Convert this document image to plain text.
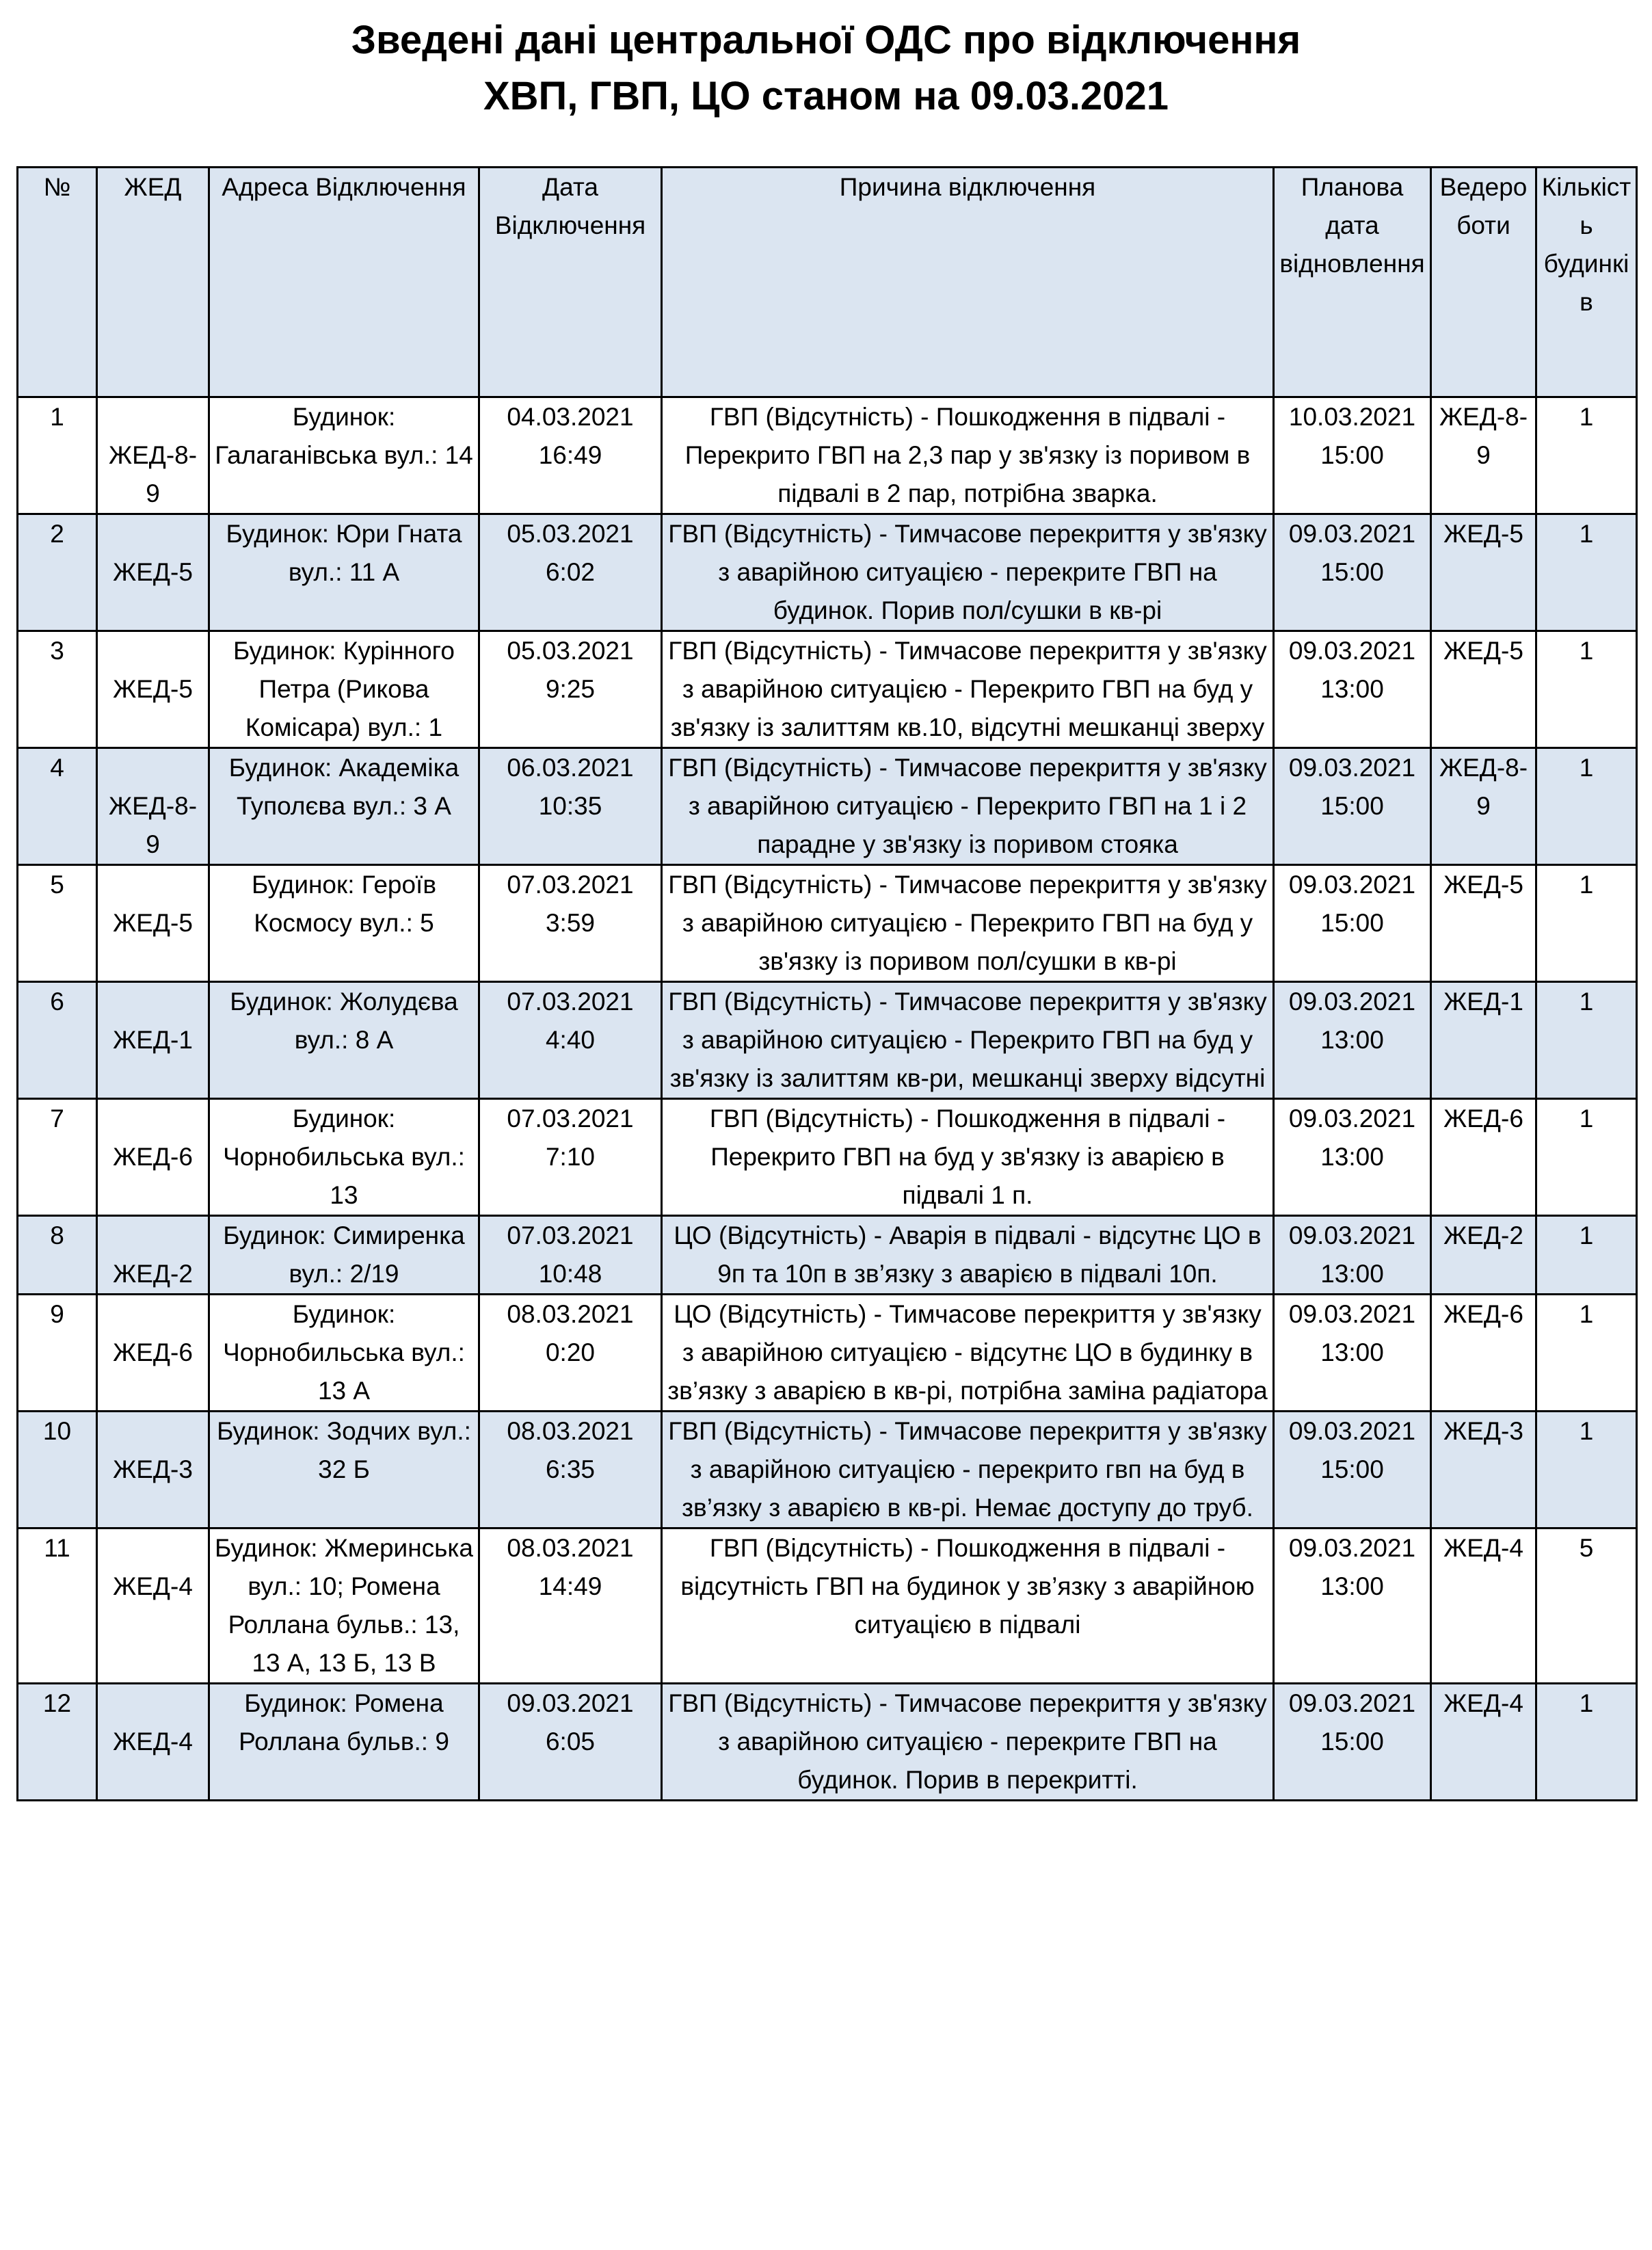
Зведені дані центральної ОДС про відключення
ХВП, ГВП, ЦО станом на 09.03.2021
№	ЖЕД	Адреса Відключення	Дата Відключення	Причина відключення	Планова дата відновлення	Ведероботи	Кількість будинків
1	ЖЕД-8-9	Будинок: Галаганівська вул.: 14	04.03.2021 16:49	ГВП (Відсутність) - Пошкодження в підвалі - Перекрито ГВП на 2,3 пар у зв'язку із поривом в підвалі в 2 пар, потрібна зварка.	10.03.2021 15:00	ЖЕД-8-9	1
2	ЖЕД-5	Будинок: Юри Гната вул.: 11 А	05.03.2021 6:02	ГВП (Відсутність) - Тимчасове перекриття у зв'язку з аварійною ситуацією - перекрите ГВП на будинок. Порив пол/сушки в кв-рі	09.03.2021 15:00	ЖЕД-5	1
3	ЖЕД-5	Будинок: Курінного Петра (Рикова Комісара) вул.: 1	05.03.2021 9:25	ГВП (Відсутність) - Тимчасове перекриття у зв'язку з аварійною ситуацією - Перекрито ГВП на буд у зв'язку із залиттям кв.10, відсутні мешканці зверху	09.03.2021 13:00	ЖЕД-5	1
4	ЖЕД-8-9	Будинок: Академіка Туполєва вул.: 3 А	06.03.2021 10:35	ГВП (Відсутність) - Тимчасове перекриття у зв'язку з аварійною ситуацією - Перекрито ГВП на 1 і 2 парадне у зв'язку із поривом стояка	09.03.2021 15:00	ЖЕД-8-9	1
5	ЖЕД-5	Будинок: Героїв Космосу вул.: 5	07.03.2021 3:59	ГВП (Відсутність) - Тимчасове перекриття у зв'язку з аварійною ситуацією - Перекрито ГВП на буд у зв'язку із поривом пол/сушки в кв-рі	09.03.2021 15:00	ЖЕД-5	1
6	ЖЕД-1	Будинок: Жолудєва вул.: 8 А	07.03.2021 4:40	ГВП (Відсутність) - Тимчасове перекриття у зв'язку з аварійною ситуацією - Перекрито ГВП на буд у зв'язку із залиттям кв-ри, мешканці зверху відсутні	09.03.2021 13:00	ЖЕД-1	1
7	ЖЕД-6	Будинок: Чорнобильська вул.: 13	07.03.2021 7:10	ГВП (Відсутність) - Пошкодження в підвалі - Перекрито ГВП на буд у зв'язку із аварією в підвалі 1 п.	09.03.2021 13:00	ЖЕД-6	1
8	ЖЕД-2	Будинок: Симиренка вул.: 2/19	07.03.2021 10:48	ЦО (Відсутність) - Аварія в підвалі - відсутнє ЦО в 9п та 10п в зв’язку з аварією в підвалі 10п.	09.03.2021 13:00	ЖЕД-2	1
9	ЖЕД-6	Будинок: Чорнобильська вул.: 13 А	08.03.2021 0:20	ЦО (Відсутність) - Тимчасове перекриття у зв'язку з аварійною ситуацією - відсутнє ЦО в будинку в зв’язку з аварією в кв-рі, потрібна заміна радіатора	09.03.2021 13:00	ЖЕД-6	1
10	ЖЕД-3	Будинок: Зодчих вул.: 32 Б	08.03.2021 6:35	ГВП (Відсутність) - Тимчасове перекриття у зв'язку з аварійною ситуацією - перекрито гвп на буд в зв’язку з аварією в кв-рі. Немає доступу до труб.	09.03.2021 15:00	ЖЕД-3	1
11	ЖЕД-4	Будинок: Жмеринська вул.: 10; Ромена Роллана бульв.: 13, 13 А, 13 Б, 13 В	08.03.2021 14:49	ГВП (Відсутність) - Пошкодження в підвалі - відсутність ГВП на будинок у зв’язку з аварійною ситуацією в підвалі	09.03.2021 13:00	ЖЕД-4	5
12	ЖЕД-4	Будинок: Ромена Роллана бульв.: 9	09.03.2021 6:05	ГВП (Відсутність) - Тимчасове перекриття у зв'язку з аварійною ситуацією - перекрите ГВП на будинок. Порив в перекритті.	09.03.2021 15:00	ЖЕД-4	1
